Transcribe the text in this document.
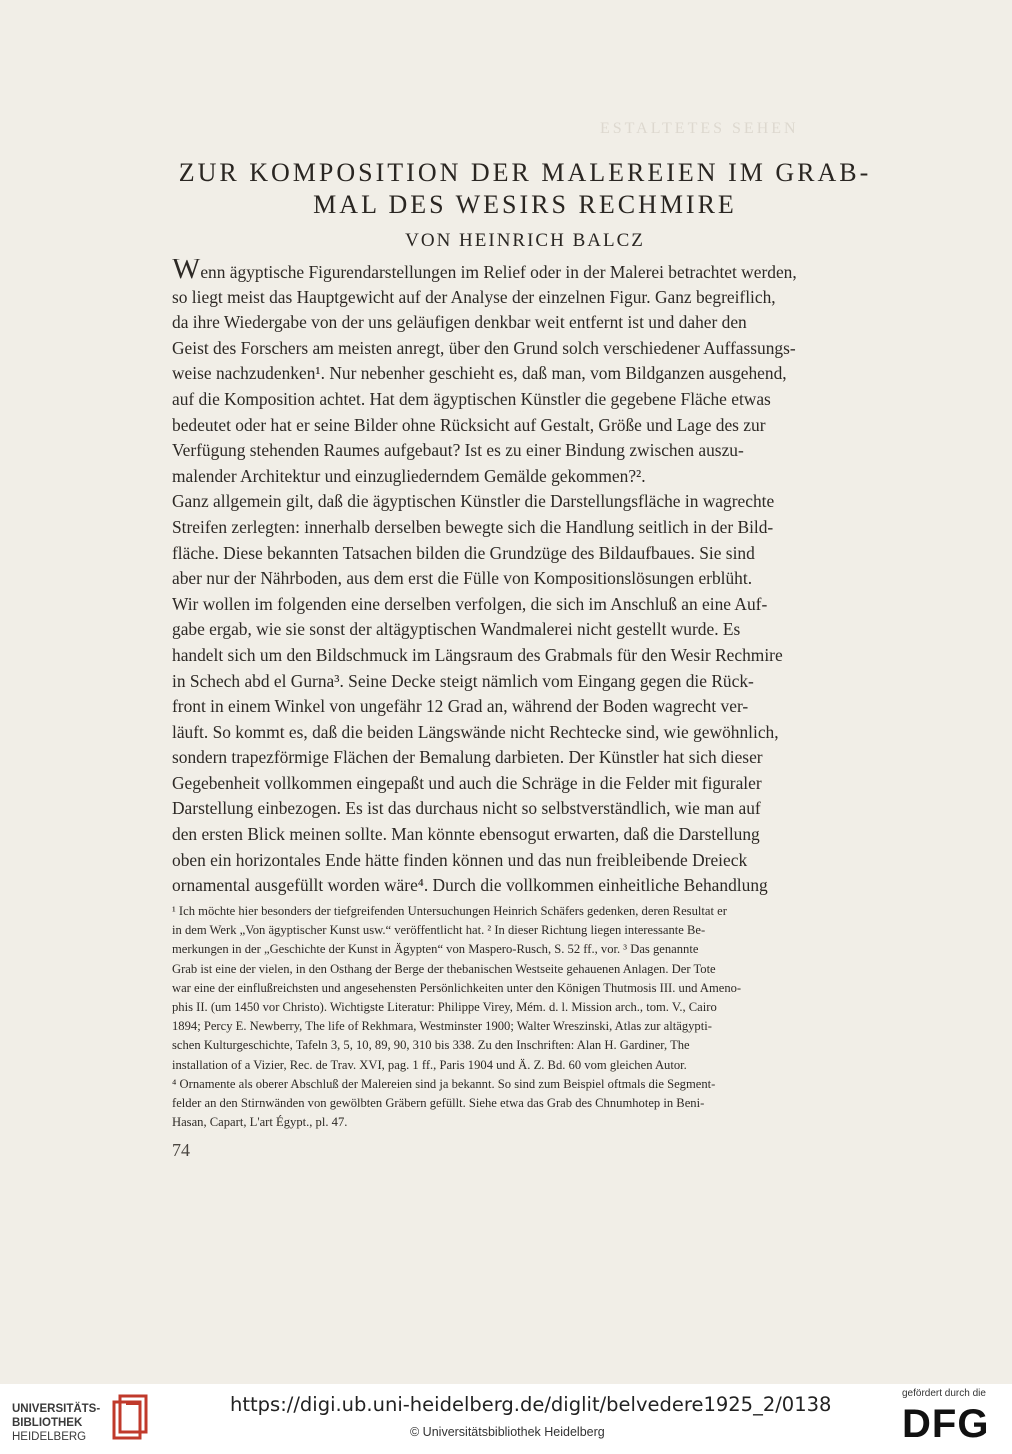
ESTALTETES SEHEN
ZUR KOMPOSITION DER MALEREIEN IM GRAB-
MAL DES WESIRS RECHMIRE
VON HEINRICH BALCZ
Wenn ägyptische Figurendarstellungen im Relief oder in der Malerei betrachtet werden,
so liegt meist das Hauptgewicht auf der Analyse der einzelnen Figur. Ganz begreiflich,
da ihre Wiedergabe von der uns geläufigen denkbar weit entfernt ist und daher den
Geist des Forschers am meisten anregt, über den Grund solch verschiedener Auffassungs-
weise nachzudenken¹. Nur nebenher geschieht es, daß man, vom Bildganzen ausgehend,
auf die Komposition achtet. Hat dem ägyptischen Künstler die gegebene Fläche etwas
bedeutet oder hat er seine Bilder ohne Rücksicht auf Gestalt, Größe und Lage des zur
Verfügung stehenden Raumes aufgebaut? Ist es zu einer Bindung zwischen auszu-
malender Architektur und einzugliederndem Gemälde gekommen?².
Ganz allgemein gilt, daß die ägyptischen Künstler die Darstellungsfläche in wagrechte
Streifen zerlegten: innerhalb derselben bewegte sich die Handlung seitlich in der Bild-
fläche. Diese bekannten Tatsachen bilden die Grundzüge des Bildaufbaues. Sie sind
aber nur der Nährboden, aus dem erst die Fülle von Kompositionslösungen erblüht.
Wir wollen im folgenden eine derselben verfolgen, die sich im Anschluß an eine Auf-
gabe ergab, wie sie sonst der altägyptischen Wandmalerei nicht gestellt wurde. Es
handelt sich um den Bildschmuck im Längsraum des Grabmals für den Wesir Rechmire
in Schech abd el Gurna³. Seine Decke steigt nämlich vom Eingang gegen die Rück-
front in einem Winkel von ungefähr 12 Grad an, während der Boden wagrecht ver-
läuft. So kommt es, daß die beiden Längswände nicht Rechtecke sind, wie gewöhnlich,
sondern trapezförmige Flächen der Bemalung darbieten. Der Künstler hat sich dieser
Gegebenheit vollkommen eingepaßt und auch die Schräge in die Felder mit figuraler
Darstellung einbezogen. Es ist das durchaus nicht so selbstverständlich, wie man auf
den ersten Blick meinen sollte. Man könnte ebensogut erwarten, daß die Darstellung
oben ein horizontales Ende hätte finden können und das nun freibleibende Dreieck
ornamental ausgefüllt worden wäre⁴. Durch die vollkommen einheitliche Behandlung
¹ Ich möchte hier besonders der tiefgreifenden Untersuchungen Heinrich Schäfers gedenken, deren Resultat er
in dem Werk „Von ägyptischer Kunst usw.“ veröffentlicht hat. ² In dieser Richtung liegen interessante Be-
merkungen in der „Geschichte der Kunst in Ägypten“ von Maspero-Rusch, S. 52 ff., vor. ³ Das genannte
Grab ist eine der vielen, in den Osthang der Berge der thebanischen Westseite gehauenen Anlagen. Der Tote
war eine der einflußreichsten und angesehensten Persönlichkeiten unter den Königen Thutmosis III. und Ameno-
phis II. (um 1450 vor Christo). Wichtigste Literatur: Philippe Virey, Mém. d. l. Mission arch., tom. V., Cairo
1894; Percy E. Newberry, The life of Rekhmara, Westminster 1900; Walter Wreszinski, Atlas zur altägypti-
schen Kulturgeschichte, Tafeln 3, 5, 10, 89, 90, 310 bis 338. Zu den Inschriften: Alan H. Gardiner, The
installation of a Vizier, Rec. de Trav. XVI, pag. 1 ff., Paris 1904 und Ä. Z. Bd. 60 vom gleichen Autor.
⁴ Ornamente als oberer Abschluß der Malereien sind ja bekannt. So sind zum Beispiel oftmals die Segment-
felder an den Stirnwänden von gewölbten Gräbern gefüllt. Siehe etwa das Grab des Chnumhotep in Beni-
Hasan, Capart, L'art Égypt., pl. 47.
74
UNIVERSITÄTS-
BIBLIOTHEK
HEIDELBERG
https://digi.ub.uni-heidelberg.de/diglit/belvedere1925_2/0138
© Universitätsbibliothek Heidelberg
gefördert durch die
DFG
